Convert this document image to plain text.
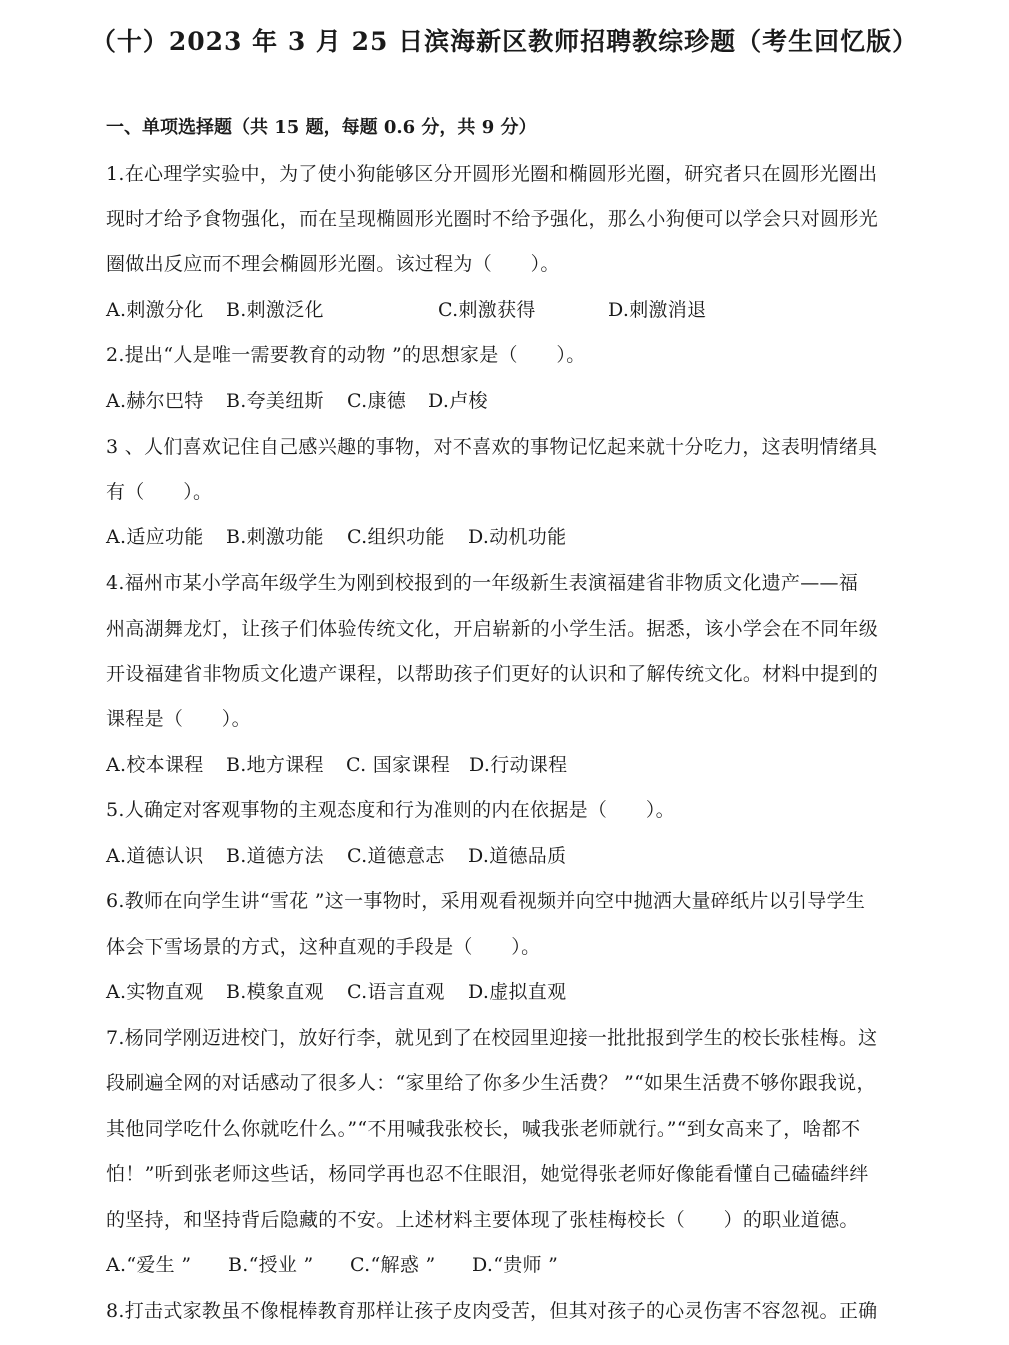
（十）2023 年 3 月 25 日滨海新区教师招聘教综珍题（考生回忆版）
一、单项选择题（共 15 题，每题 0.6 分，共 9 分）
1.在心理学实验中，为了使小狗能够区分开圆形光圈和椭圆形光圈，研究者只在圆形光圈出
现时才给予食物强化，而在呈现椭圆形光圈时不给予强化，那么小狗便可以学会只对圆形光
圈做出反应而不理会椭圆形光圈。该过程为（　　）。
A.刺激分化 B.刺激泛化	C.刺激获得	D.刺激消退
2.提出“人是唯一需要教育的动物 ”的思想家是（　　）。
A.赫尔巴特 B.夸美纽斯 C.康德 D.卢梭
3 、人们喜欢记住自己感兴趣的事物，对不喜欢的事物记忆起来就十分吃力，这表明情绪具
有（　　）。
A.适应功能 B.刺激功能 C.组织功能 D.动机功能
4.福州市某小学高年级学生为刚到校报到的一年级新生表演福建省非物质文化遗产——福
州高湖舞龙灯，让孩子们体验传统文化，开启崭新的小学生活。据悉，该小学会在不同年级
开设福建省非物质文化遗产课程，以帮助孩子们更好的认识和了解传统文化。材料中提到的
课程是（　　）。
A.校本课程 B.地方课程 C. 国家课程 D.行动课程
5.人确定对客观事物的主观态度和行为准则的内在依据是（　　）。
A.道德认识 B.道德方法 C.道德意志 D.道德品质
6.教师在向学生讲“雪花 ”这一事物时，采用观看视频并向空中抛洒大量碎纸片以引导学生
体会下雪场景的方式，这种直观的手段是（　　）。
A.实物直观 B.模象直观 C.语言直观 D.虚拟直观
7.杨同学刚迈进校门，放好行李，就见到了在校园里迎接一批批报到学生的校长张桂梅。这
段刷遍全网的对话感动了很多人：“家里给了你多少生活费？ ”“如果生活费不够你跟我说，
其他同学吃什么你就吃什么。”“不用喊我张校长，喊我张老师就行。”“到女高来了，啥都不
怕！”听到张老师这些话，杨同学再也忍不住眼泪，她觉得张老师好像能看懂自己磕磕绊绊
的坚持，和坚持背后隐藏的不安。上述材料主要体现了张桂梅校长（　　）的职业道德。
A.“爱生 ” B.“授业 ” C.“解惑 ” D.“贵师 ”
8.打击式家教虽不像棍棒教育那样让孩子皮肉受苦，但其对孩子的心灵伤害不容忽视。正确
